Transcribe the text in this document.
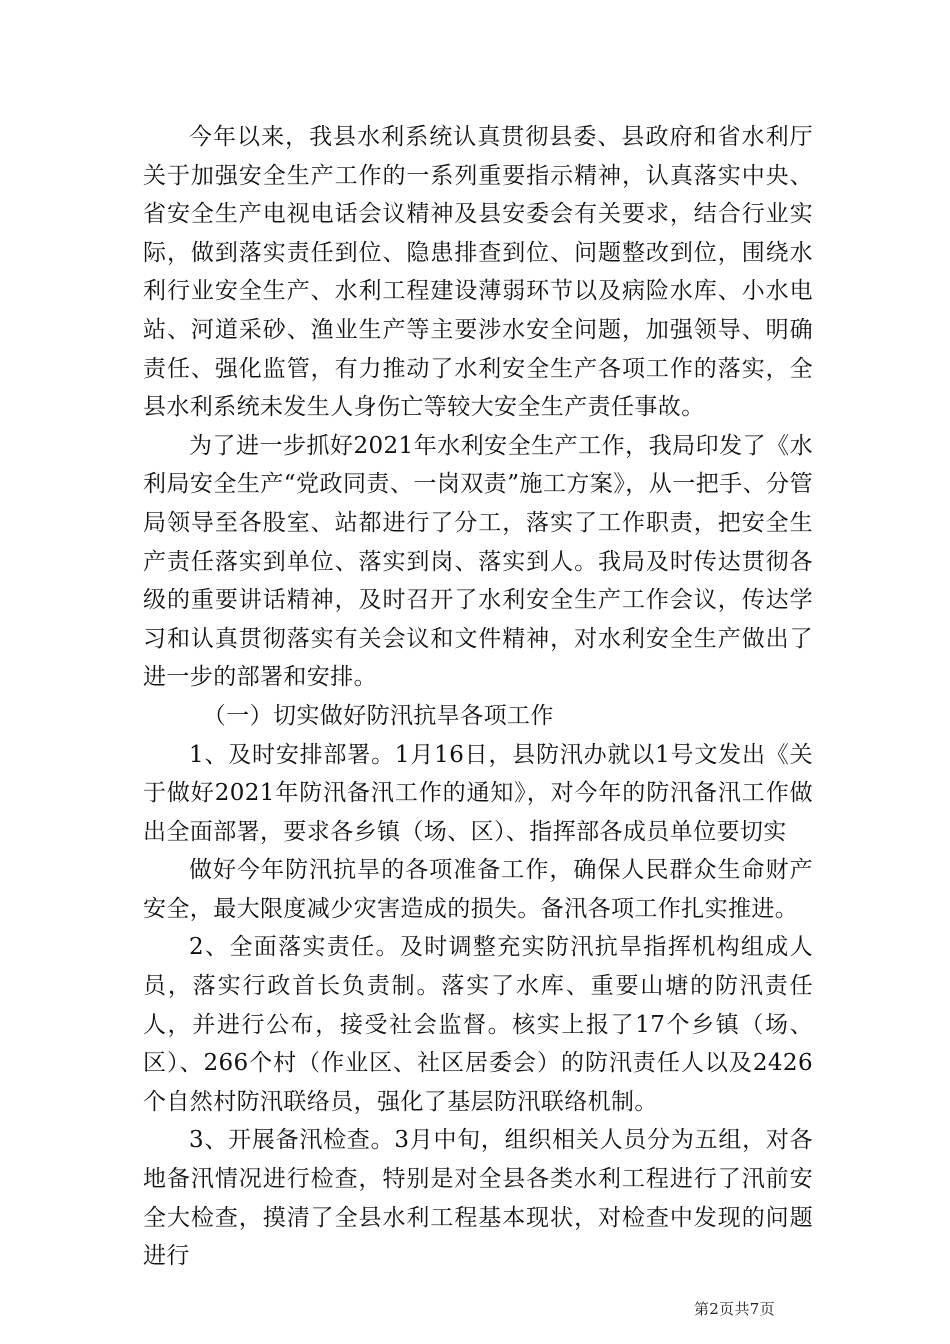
今年以来，我县水利系统认真贯彻县委、县政府和省水利厅关于加强安全生产工作的一系列重要指示精神，认真落实中央、省安全生产电视电话会议精神及县安委会有关要求，结合行业实际，做到落实责任到位、隐患排查到位、问题整改到位，围绕水利行业安全生产、水利工程建设薄弱环节以及病险水库、小水电站、河道采砂、渔业生产等主要涉水安全问题，加强领导、明确责任、强化监管，有力推动了水利安全生产各项工作的落实，全县水利系统未发生人身伤亡等较大安全生产责任事故。

为了进一步抓好2021年水利安全生产工作，我局印发了《水利局安全生产“党政同责、一岗双责”施工方案》，从一把手、分管局领导至各股室、站都进行了分工，落实了工作职责，把安全生产责任落实到单位、落实到岗、落实到人。我局及时传达贯彻各级的重要讲话精神，及时召开了水利安全生产工作会议，传达学习和认真贯彻落实有关会议和文件精神，对水利安全生产做出了进一步的部署和安排。

（一）切实做好防汛抗旱各项工作

1、及时安排部署。1月16日，县防汛办就以1号文发出《关于做好2021年防汛备汛工作的通知》，对今年的防汛备汛工作做出全面部署，要求各乡镇（场、区）、指挥部各成员单位要切实

做好今年防汛抗旱的各项准备工作，确保人民群众生命财产安全，最大限度减少灾害造成的损失。备汛各项工作扎实推进。

2、全面落实责任。及时调整充实防汛抗旱指挥机构组成人员，落实行政首长负责制。落实了水库、重要山塘的防汛责任人，并进行公布，接受社会监督。核实上报了17个乡镇（场、区）、266个村（作业区、社区居委会）的防汛责任人以及2426个自然村防汛联络员，强化了基层防汛联络机制。

3、开展备汛检查。3月中旬，组织相关人员分为五组，对各地备汛情况进行检查，特别是对全县各类水利工程进行了汛前安全大检查，摸清了全县水利工程基本现状，对检查中发现的问题进行

第2页共7页
